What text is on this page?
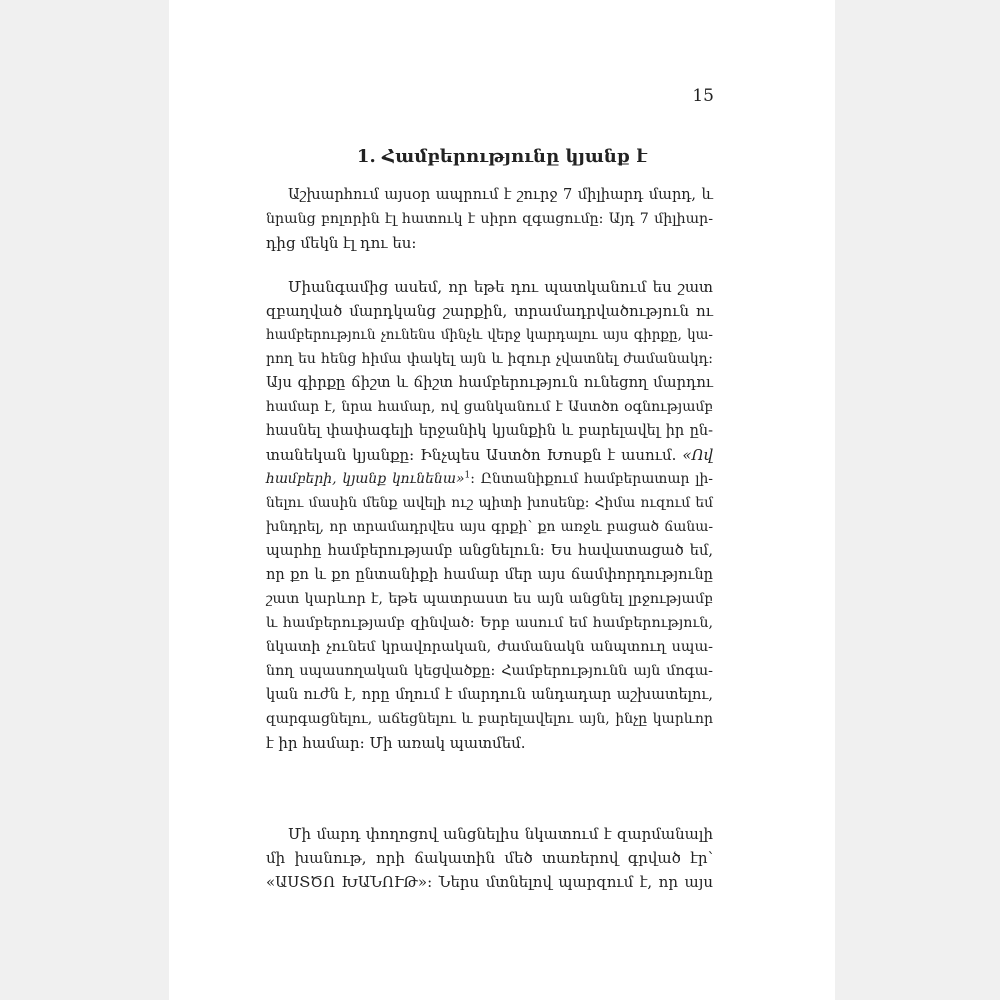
15
1. Համբերությունը կյանք է
Աշխարհում այսօր ապրում է շուրջ 7 միլիարդ մարդ, և
նրանց բոլորին էլ հատուկ է սիրո զգացումը: Այդ 7 միլիար-
դից մեկն էլ դու ես:
Միանգամից ասեմ, որ եթե դու պատկանում ես շատ
զբաղված մարդկանց շարքին, տրամադրվածություն ու
համբերություն չունենս մինչև վերջ կարդալու այս գիրքը, կա-
րող ես հենց հիմա փակել այն և իզուր չվատնել ժամանակդ:
Այս գիրքը ճիշտ և ճիշտ համբերություն ունեցող մարդու
համար է, նրա համար, ով ցանկանում է Աստծո օգնությամբ
հասնել փափագելի երջանիկ կյանքին և բարելավել իր ըն-
տանեկան կյանքը: Ինչպես Աստծո Խոսքն է ասում. «Ով
համբերի, կյանք կունենա»$^1$: Ընտանիքում համբերատար լի-
նելու մասին մենք ավելի ուշ պիտի խոսենք: Հիմա ուզում եմ
խնդրել, որ տրամադրվես այս գրքի՝ քո առջև բացած ճանա-
պարհը համբերությամբ անցնելուն: Ես հավատացած եմ,
որ քո և քո ընտանիքի համար մեր այս ճամփորդությունը
շատ կարևոր է, եթե պատրաստ ես այն անցնել լրջությամբ
և համբերությամբ զինված: Երբ ասում եմ համբերություն,
նկատի չունեմ կրավորական, ժամանակն անպտուղ սպա-
նող սպասողական կեցվածքը: Համբերությունն այն մոգա-
կան ուժն է, որը մղում է մարդուն անդադար աշխատելու,
զարգացնելու, աճեցնելու և բարելավելու այն, ինչը կարևոր
է իր համար: Մի առակ պատմեմ.
Մի մարդ փողոցով անցնելիս նկատում է զարմանալի
մի խանութ, որի ճակատին մեծ տառերով գրված էր՝
«ԱՍՏԾՈ ԽԱՆՈՒԹ»: Ներս մտնելով պարզում է, որ այս
